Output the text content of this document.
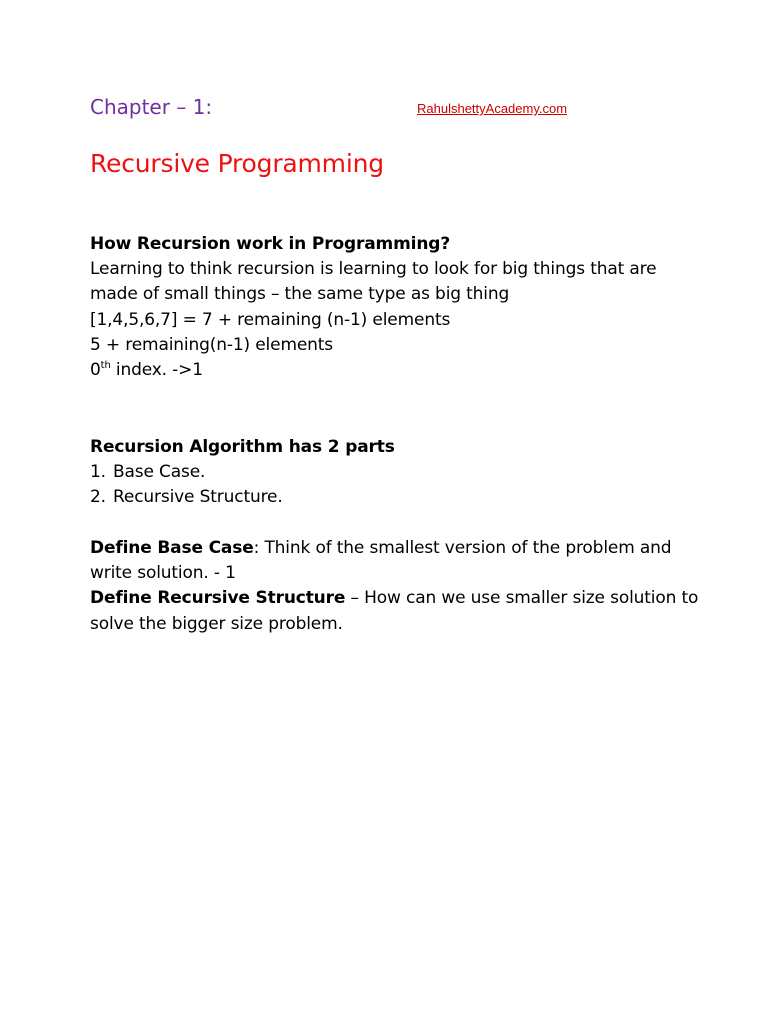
Chapter – 1:	RahulshettyAcademy.com
Recursive Programming
How Recursion work in Programming?
Learning to think recursion is learning to look for big things that are
made of small things – the same type as big thing
[1,4,5,6,7] = 7 + remaining (n-1) elements
5 + remaining(n-1) elements
0th index. ->1
Recursion Algorithm has 2 parts
1. Base Case.
2. Recursive Structure.
Define Base Case: Think of the smallest version of the problem and
write solution. - 1
Define Recursive Structure – How can we use smaller size solution to
solve the bigger size problem.
